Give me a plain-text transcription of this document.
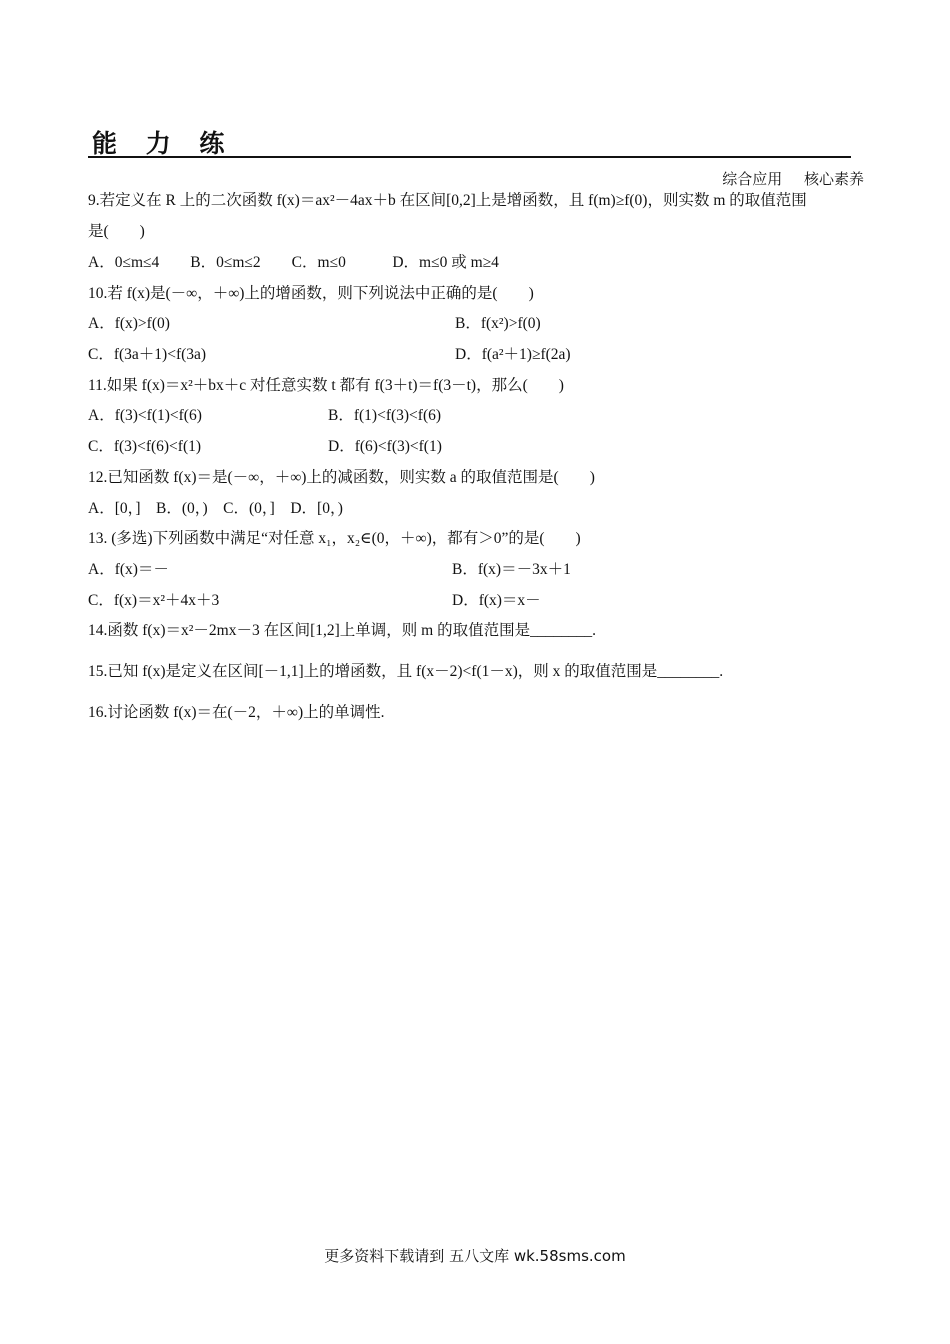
能 力 练
综合应用 核心素养
9.若定义在 R 上的二次函数 f(x)＝ax²－4ax＋b 在区间[0,2]上是增函数，且 f(m)≥f(0)，则实数 m 的取值范围
是(　　)
A．0≤m≤4　　B．0≤m≤2　　C．m≤0　　　D．m≤0 或 m≥4
10.若 f(x)是(－∞，＋∞)上的增函数，则下列说法中正确的是(　　)
A．f(x)>f(0)	B．f(x²)>f(0)
C．f(3a＋1)<f(3a)	D．f(a²＋1)≥f(2a)
11.如果 f(x)＝x²＋bx＋c 对任意实数 t 都有 f(3＋t)＝f(3－t)，那么(　　)
A．f(3)<f(1)<f(6)	B．f(1)<f(3)<f(6)
C．f(3)<f(6)<f(1)	D．f(6)<f(3)<f(1)
12.已知函数 f(x)＝是(－∞，＋∞)上的减函数，则实数 a 的取值范围是(　　)
A．[0，]　B．(0，)　C．(0，]　D．[0，)
13. (多选)下列函数中满足“对任意 x₁，x₂∈(0，＋∞)，都有＞0”的是(　　)
A．f(x)＝－	B．f(x)＝－3x＋1
C．f(x)＝x²＋4x＋3	D．f(x)＝x－
14.函数 f(x)＝x²－2mx－3 在区间[1,2]上单调，则 m 的取值范围是________.
15.已知 f(x)是定义在区间[－1,1]上的增函数，且 f(x－2)<f(1－x)，则 x 的取值范围是________.
16.讨论函数 f(x)＝在(－2，＋∞)上的单调性.
更多资料下载请到 五八文库 wk.58sms.com
